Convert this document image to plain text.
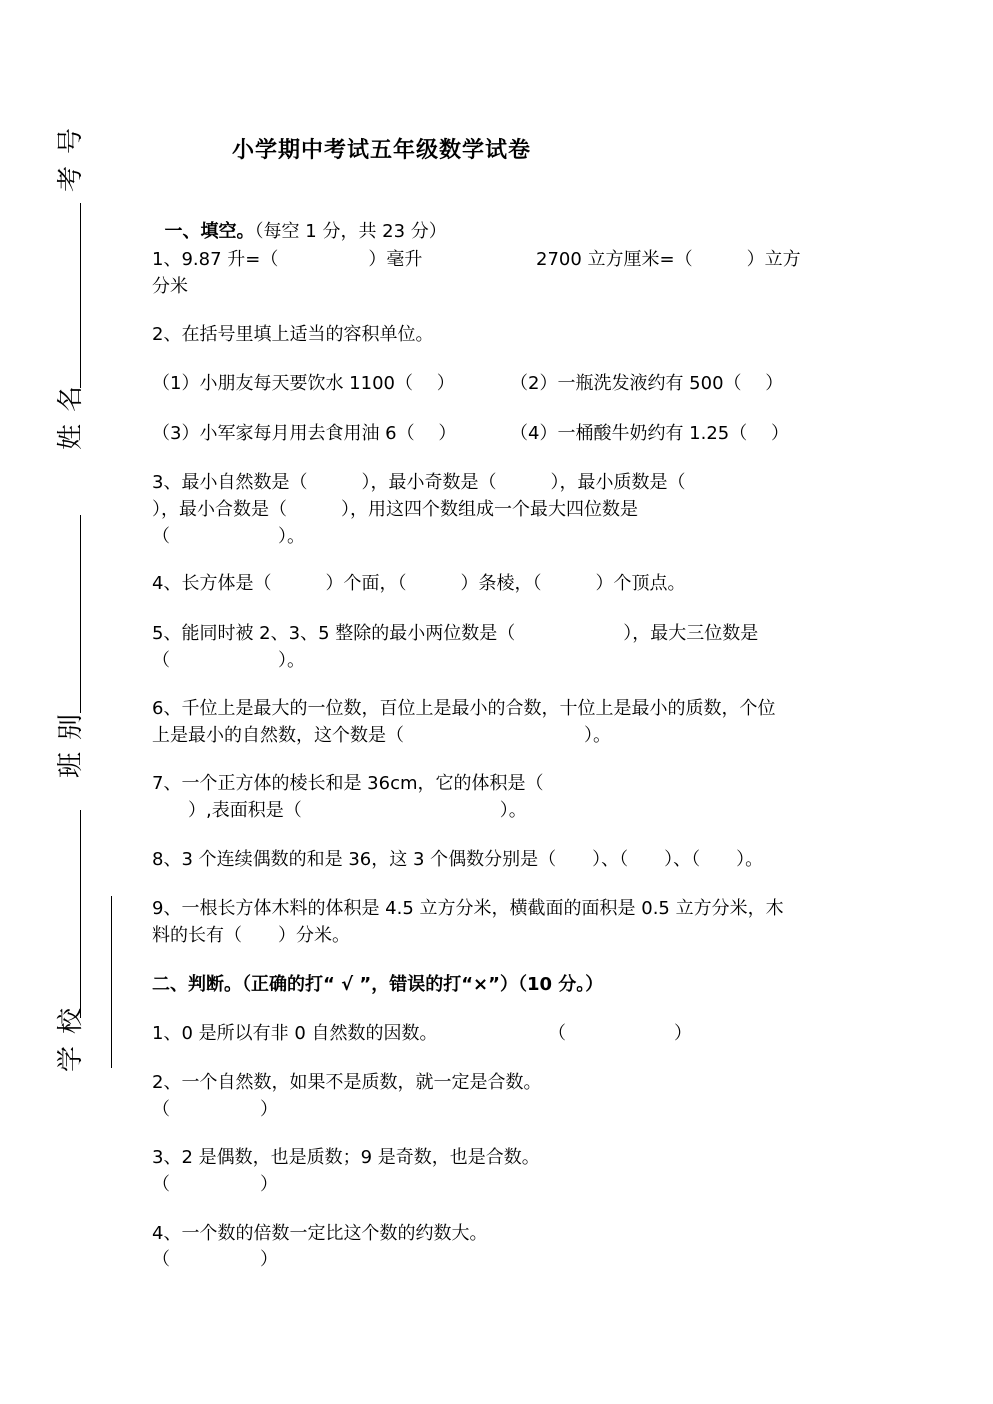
考号
姓名
班别
学校
小学期中考试五年级数学试卷

一、填空。（每空 1 分，共 23 分）

1、9.87 升=（　　　　　）毫升	2700 立方厘米=（　　　）立方
分米
2、在括号里填上适当的容积单位。
（1）小朋友每天要饮水 1100（　 ）	（2）一瓶洗发液约有 500（　 ）
（3）小军家每月用去食用油 6（　 ）	（4）一桶酸牛奶约有 1.25（　 ）
3、最小自然数是（　　　），最小奇数是（　　　），最小质数是（
），最小合数是（　　　），用这四个数组成一个最大四位数是
（　　　　　　）。
4、长方体是（　　　）个面，（　　　）条棱，（　　　）个顶点。
5、能同时被 2、3、5 整除的最小两位数是（　　　　　　），最大三位数是
（　　　　　　）。
6、千位上是最大的一位数，百位上是最小的合数，十位上是最小的质数，个位
上是最小的自然数，这个数是（　　　　　　　　　　）。
7、一个正方体的棱长和是 36cm，它的体积是（
　）,表面积是（　　　　　　　　　　　）。
8、3 个连续偶数的和是 36，这 3 个偶数分别是（　　）、（　　）、（　　）。
9、一根长方体木料的体积是 4.5 立方分米，横截面的面积是 0.5 立方分米，木
料的长有（　　）分米。
二、判断。（正确的打“ √ ”，错误的打“×”）（10 分。）
1、0 是所以有非 0 自然数的因数。	（　　　　　　）
2、一个自然数，如果不是质数，就一定是合数。
（　　　　　）
3、2 是偶数，也是质数；9 是奇数，也是合数。
（　　　　　）
4、一个数的倍数一定比这个数的约数大。
（　　　　　）
